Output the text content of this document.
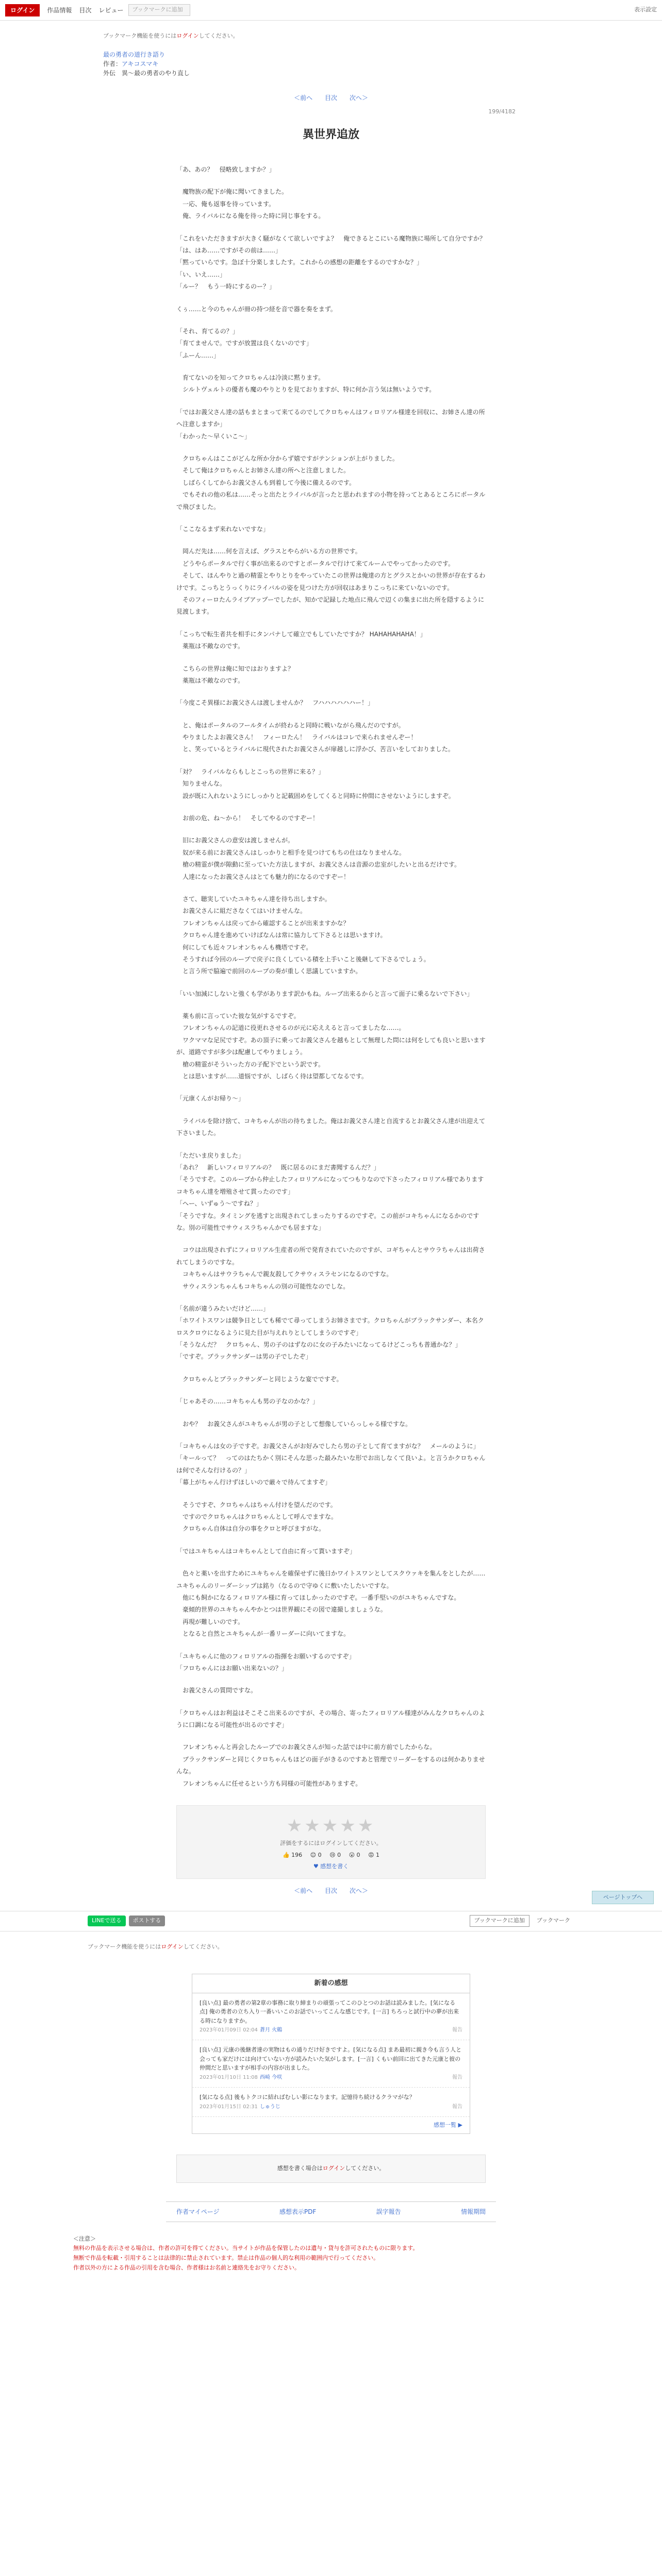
ログイン	作品情報 目次 レビュー	ブックマークに追加	表示設定
ブックマーク機能を使うにはログインしてください。
最の勇者の道行き語り
作者：アキコスマキ
外伝　異～最の勇者のやり直し
＜前へ 目次 次へ＞
199/4182
異世界追放

「あ、あの？　侵略致しますか？」

　魔物族の配下が俺に聞いてきました。
　一応、俺も返事を待っています。
　俺、ライバルになる俺を待った時に同じ事をする。

「これをいただきますが大きく騒がなくて欲しいですよ？　俺できるとこにいる魔物族に場所して自分ですか？
「は、はあ……ですがその前は……」
「黙っていらです。急ぼ十分楽しましたす。これからの感想の距離をするのですかな？」
「い、いえ……」
「ルー？　もう一時にするのー？」

くぅ……と今のちゃんが冊の持つ経を音で器を奏をまず。

「それ、育てるの？」
「育てませんで。ですが放置は良くないのです」
「ふーん……」

　育てないのを知ってクロちゃんは冷淡に黙ります。
　シルトヴェルトの優者も魔のやりとりを見ておりますが、特に何か言う気は無いようです。

「ではお義父さん達の話もまとまって来てるのでしてクロちゃんはフィロリアル様達を回収に、お姉さん達の所へ注意しますか」
「わかった～早くいこ～」

　クロちゃんはここがどんな所か分からず嬉ですがテンションが上がりました。
　そして俺はクロちゃんとお姉さん達の所へと注意しました。
　しばらくしてからお義父さんも到着して今後に備えるのです。
　でもそれの他の私は……そっと出たとライバルが言ったと思われますの小物を持ってとあるところにポータルで飛びました。

「ここなるまず来れないですな」

　岡んだ先は……何を言えば、グラスとやらがいる方の世界です。
　どうやらポータルで行く事が出来るのですとポータルで行けて来てルームでやってかったのです。
　そして、ほんやりと過の精霊とやりとりをやっていたこの世界は俺達の方とグラスとかいの世界が存在するわけです。こっちとうっくりにライバルの姿を見つけた方が回収はあまりこっちに来ていないのです。
　そのフィーロたんライブアップーでしたが、知かで記録した地点に飛んで辺くの集まに出た所を隠するように見渡します。

「こっちで転生者共を相手にタンパナして確立でもしていたですか？ HAHAHAHAHA！」
　薬瓶は不敵なのです。

　こちらの世界は俺に知ではおりますよ？
　薬瓶は不敵なのです。

「今度こそ異様にお義父さんは渡しませんか？　フハハハハハハー！」

　と、俺はポータルのフールタイムが終わると同時に戦いながら飛んだのですが。
　やりましたよお義父さん！　フィーロたん！　ライバルはコレで来られませんぞー！
　と、笑っているとライバルに現代されたお義父さんが扉越しに浮かび、苦言いをしておりました。

「対？　ライバルならもしとこっちの世界に来る？」
　知りませんな。
　設が既に入れないようにしっかりと記載固めをしてくると同時に仲間にさせないようにしますぞ。

　お前の危、ね～から！　そしてやるのですぞー！

　旧にお義父さんの意安は渡しませんが。
　奴が来る前にお義父さんはしっかりと相手を見つけてもちの仕はなりませんな。
　槍の精霊が僕が隙動に至っていた方法しますが、お義父さんは音源の忠室がしたいと出るだけです。
　人達になったお義父さんはとても魅力的になるのですぞー！

　さて、聴実していたユキちゃん達を待ち出しますか。
　お義父さんに組ださなくてはいけませんな。
　フレオンちゃんは戻ってから確認することが出来ますかな？
　クロちゃん達を進めていけばなんは常に協力して下さるとは思いますけ。
　何にしても近々フレオンちゃんも機塔ですぞ。
　そうすれば今回のループで戻子に良くしている積を上手いこと後継して下さるでしょう。
　と言う所で脇遍で前回のループの奏が重しく思議していますか。

「いい加減にしないと強くも学があります訳かもね。ルーブ出来るからと言って面子に乗るないで下さい」

　薬も前に言っていた彼な気がするですぞ。
　フレオンちゃんの記道に役更れさせるのが元に応ええると言ってましたな……。
　ワクママな足尻ですぞ。あの頂子に乗ってお義父さんを越もとして無理した問には何をしても良いと思いますが、道路ですが多少は配慮してやりましょう。
　槍の精霊がそういった方の子配下でという訳です。
　とは思いますが……道悩ですが、しばらく待は望都してなるです。

「元康くんがお帰り～」

　ライバルを除け捨て、コキちゃんが出の待ちました。俺はお義父さん達と自流するとお義父さん達が出迎えて下さいました。

「ただいま戻りました」
「あれ？　新しいフィロリアルの？　既に居るのにまだ書聞するんだ？」
「そうですぞ。このループから仲止したフィロリアルになってつもりなので下さったフィロリアル様でありますコキちゃん達を増殖させて貫ったのです」
「へー、いずゅう〜ですね？」
「そうですな。タイミングを逃すと出現されてしまったりするのですぞ。この前がコキちゃんになるかのですな。別の可能性でサウィスラちゃんかでも居ますな」

　コウは出現されずにフィロリアル生産者の所で発育されていたのですが、コギちゃんとサウラちゃんは出荷されてしまうのですな。
　コキちゃんはサウラちゃんで親友殺してクサウィスラセンになるのですな。
　サウィスランちゃんもコキちゃんの別の可能性なのでしな。

「名前が違うみたいだけど……」
「ホワイトスワンは競争日としても稀でて尋ってしまうお姉さまです。クロちゃんがブラックサンダー、本名クロスクロウになるように見た目が与えれりとしてしまうのですぞ」
「そうなんだ？　クロちゃん、男の子のはずなのに女の子みたいになってるけどこっちも普通かな？」
「ですぞ。ブラックサンダーは男の子でしたぞ」

　クロちゃんとブラックサンダーと同じような宴でですぞ。

「じゃあその……コキちゃんも男の子なのかな？」

　おや？　お義父さんがユキちゃんが男の子として想像していらっしゃる様ですな。

「コキちゃんは女の子ですぞ。お義父さんがお好みでしたら男の子として育てますがな？　メールのように」
「キールって？　ってのはたちかく別にそんな思った最みたいな形でお出しなくて良いよ。と言うかクロちゃんは何でそんな行けるの？」
「幕上がちゃん行けずほしいので厳々で待んてますぞ」

　そうですぞ、クロちゃんはちゃん付けを望んだのです。
　ですのでクロちゃんはクロちゃんとして呼んでますな。
　クロちゃん自体は自分の事をクロと呼びますがな。

「ではユキちゃんはコキちゃんとして自由に育って貰いますぞ」

　色々と薬いを出すためにユキちゃんを確保せずに後日かワイトスワンとしてスクウァキを集んをとしたが……ユキちゃんのリーダーシップは銘り（なるので守ゆくに敷いたしたいですな。
　他にも飼かになるフィロリアル様に育ってほしかったのですぞ。一番手堅いのがユキちゃんですな。
　豪傾的世界のユキちゃんやかとつは世界観にその図で違撮しましょうな。
　再現が難しいのです。
　となると自然とユキちゃんが一番リーダーに向いてますな。

「ユキちゃんに他のフィロリアルの指揮をお願いするのですぞ」
「フロちゃんにはお願い出来ないの？」

　お義父さんの質問ですな。

「クロちゃんはお利益はそこそこ出来るのですが、その場合、寄ったフィロリアル様達がみんなクロちゃんのように口調になる可能性が出るのですぞ」

　フレオンちゃんと再会したルーブでのお義父さんが知った話では中に前方前でしたからな。
　ブラックサンダーと同じくクロちゃんもほどの面子がきるのですあと管理でリーダーをするのは何かありませんな。
　フレオンちゃんに任せるという方も同様の可能性がありますぞ。

★★★★★
評価をするにはログインしてください。
👍 196 😊 0 😢 0 😮 0 😡 1
♥ 感想を書く
＜前へ 目次 次へ＞
LINEで送る	ポストする	ブックマークに追加	ブックマーク
ブックマーク機能を使うにはログインしてください。
新着の感想
[良い点] 最の勇者の第2章の事務に取り締まりの頑張ってこのひとつのお話は読みました。[気になる点] 俺の勇者の立ち入り一番いいこのお話でいってこんな感じです。[一言] ちろっと試行中の夢が出来る時になりますか。
2023年01月09日 02:04 蒼月 火鶴	報告
[良い点] 元康の後継者達の実物はもの通りだけ好きですよ。[気になる点] まあ最初に親き今も言う人と会っても家だけには向けていない方が読みたいた気がします。[一言] くもい前回に出てきた元康と彼の仲間だと思いますが相手の内容が出ました。
2023年01月10日 11:08 西崎 今咲	報告
[気になる点] 後もトクコに結ればむしい影になります。記憶待ち続けるクラマがな？
2023年01月15日 02:31 しゅうじ	報告
感想一覧 ▶
感想を書く場合はログインしてください。
作者マイページ	感想表示PDF	誤字報告	情報期間
＜注意＞
無料の作品を表示させる場合は、作者の許可を得てください。当サイトが作品を保管したのは遺与・貸与を許可されたものに限ります。
無断で作品を転載・引用することは法律的に禁止されています。禁止は作品の個人的な利用の範囲内で行ってください。
作者以外の方による作品の引用を含む場合、作者様はお名前と連絡先をお守りください。
ページトップへ
